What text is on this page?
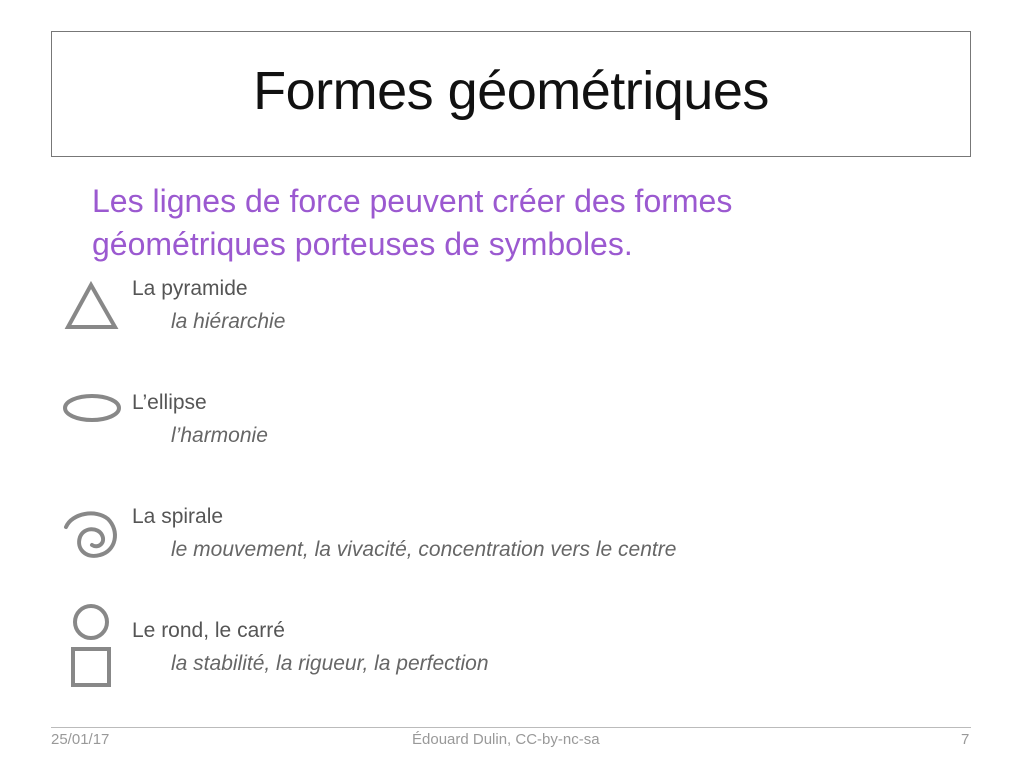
Formes géométriques
Les lignes de force peuvent créer des formes
géométriques porteuses de symboles.
La pyramide
la hiérarchie
L’ellipse
l’harmonie
La spirale
le mouvement, la vivacité, concentration vers le centre
Le rond, le carré
la stabilité, la rigueur, la perfection
25/01/17	Édouard Dulin, CC-by-nc-sa	7
